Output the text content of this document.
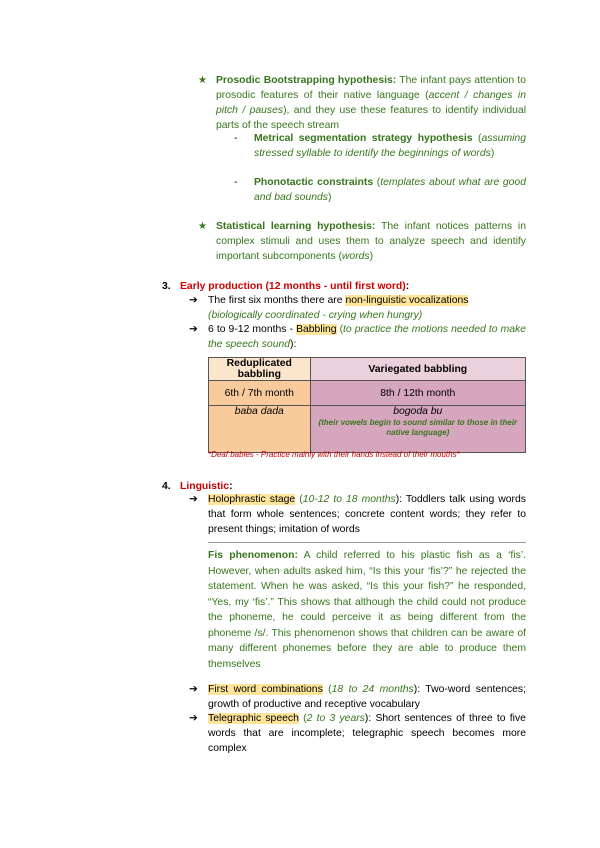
★ Prosodic Bootstrapping hypothesis: The infant pays attention to prosodic features of their native language (accent / changes in pitch / pauses), and they use these features to identify individual parts of the speech stream
- Metrical segmentation strategy hypothesis (assuming stressed syllable to identify the beginnings of words)
- Phonotactic constraints (templates about what are good and bad sounds)
★ Statistical learning hypothesis: The infant notices patterns in complex stimuli and uses them to analyze speech and identify important subcomponents (words)
3. Early production (12 months - until first word):
➔ The first six months there are non-linguistic vocalizations
(biologically coordinated - crying when hungry)
➔ 6 to 9-12 months - Babbling (to practice the motions needed to make the speech sound):
Reduplicated babbling	Variegated babbling
6th / 7th month	8th / 12th month
baba dada	bogoda bu
(their vowels begin to sound similar to those in their native language)
*Deaf babies - Practice mainly with their hands instead of their mouths*
4. Linguistic:
➔ Holophrastic stage (10-12 to 18 months): Toddlers talk using words that form whole sentences; concrete content words; they refer to present things; imitation of words
Fis phenomenon: A child referred to his plastic fish as a ‘fis’. However, when adults asked him, “Is this your ‘fis’?” he rejected the statement. When he was asked, “Is this your fish?” he responded, “Yes, my ‘fis’.” This shows that although the child could not produce the phoneme, he could perceive it as being different from the phoneme /s/. This phenomenon shows that children can be aware of many different phonemes before they are able to produce them themselves
➔ First word combinations (18 to 24 months): Two-word sentences; growth of productive and receptive vocabulary
➔ Telegraphic speech (2 to 3 years): Short sentences of three to five words that are incomplete; telegraphic speech becomes more complex
